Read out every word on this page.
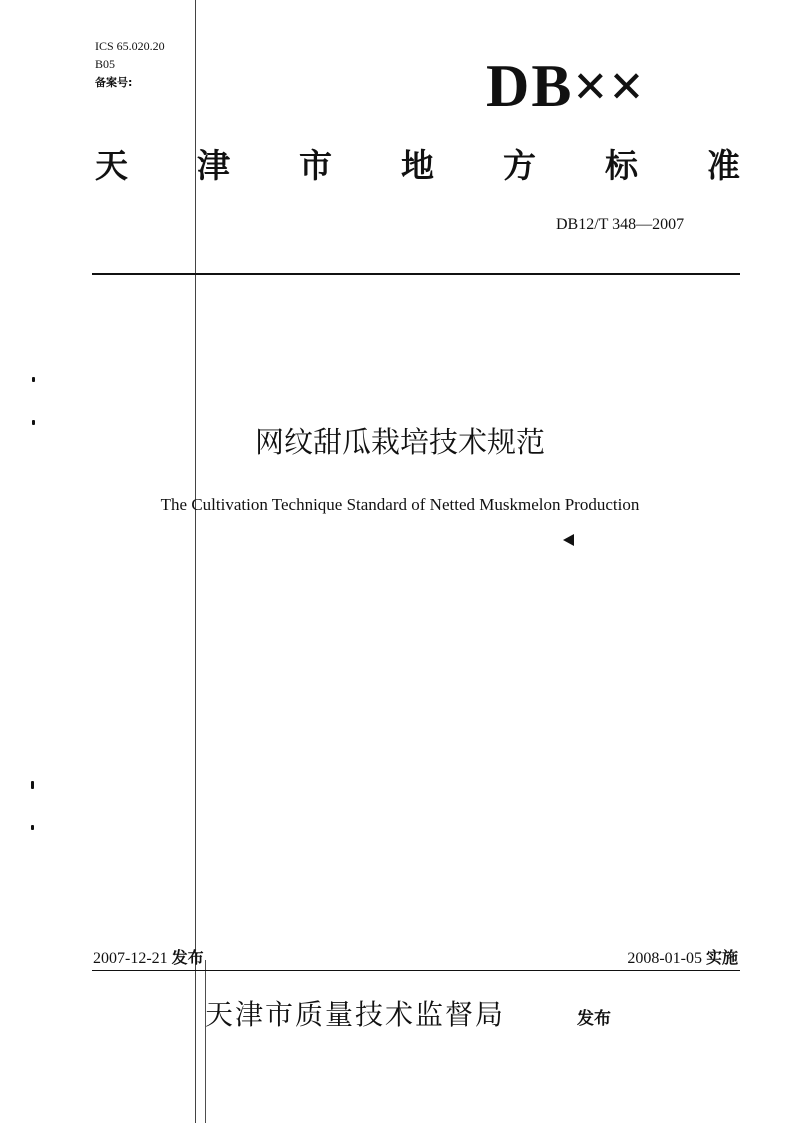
ICS 65.020.20
B05
备案号:	DB××
天 津 市 地 方 标 准
DB12/T 348—2007
网纹甜瓜栽培技术规范
The Cultivation Technique Standard of Netted Muskmelon Production
2007-12-21 发布	2008-01-05 实施
天津市质量技术监督局	发布
